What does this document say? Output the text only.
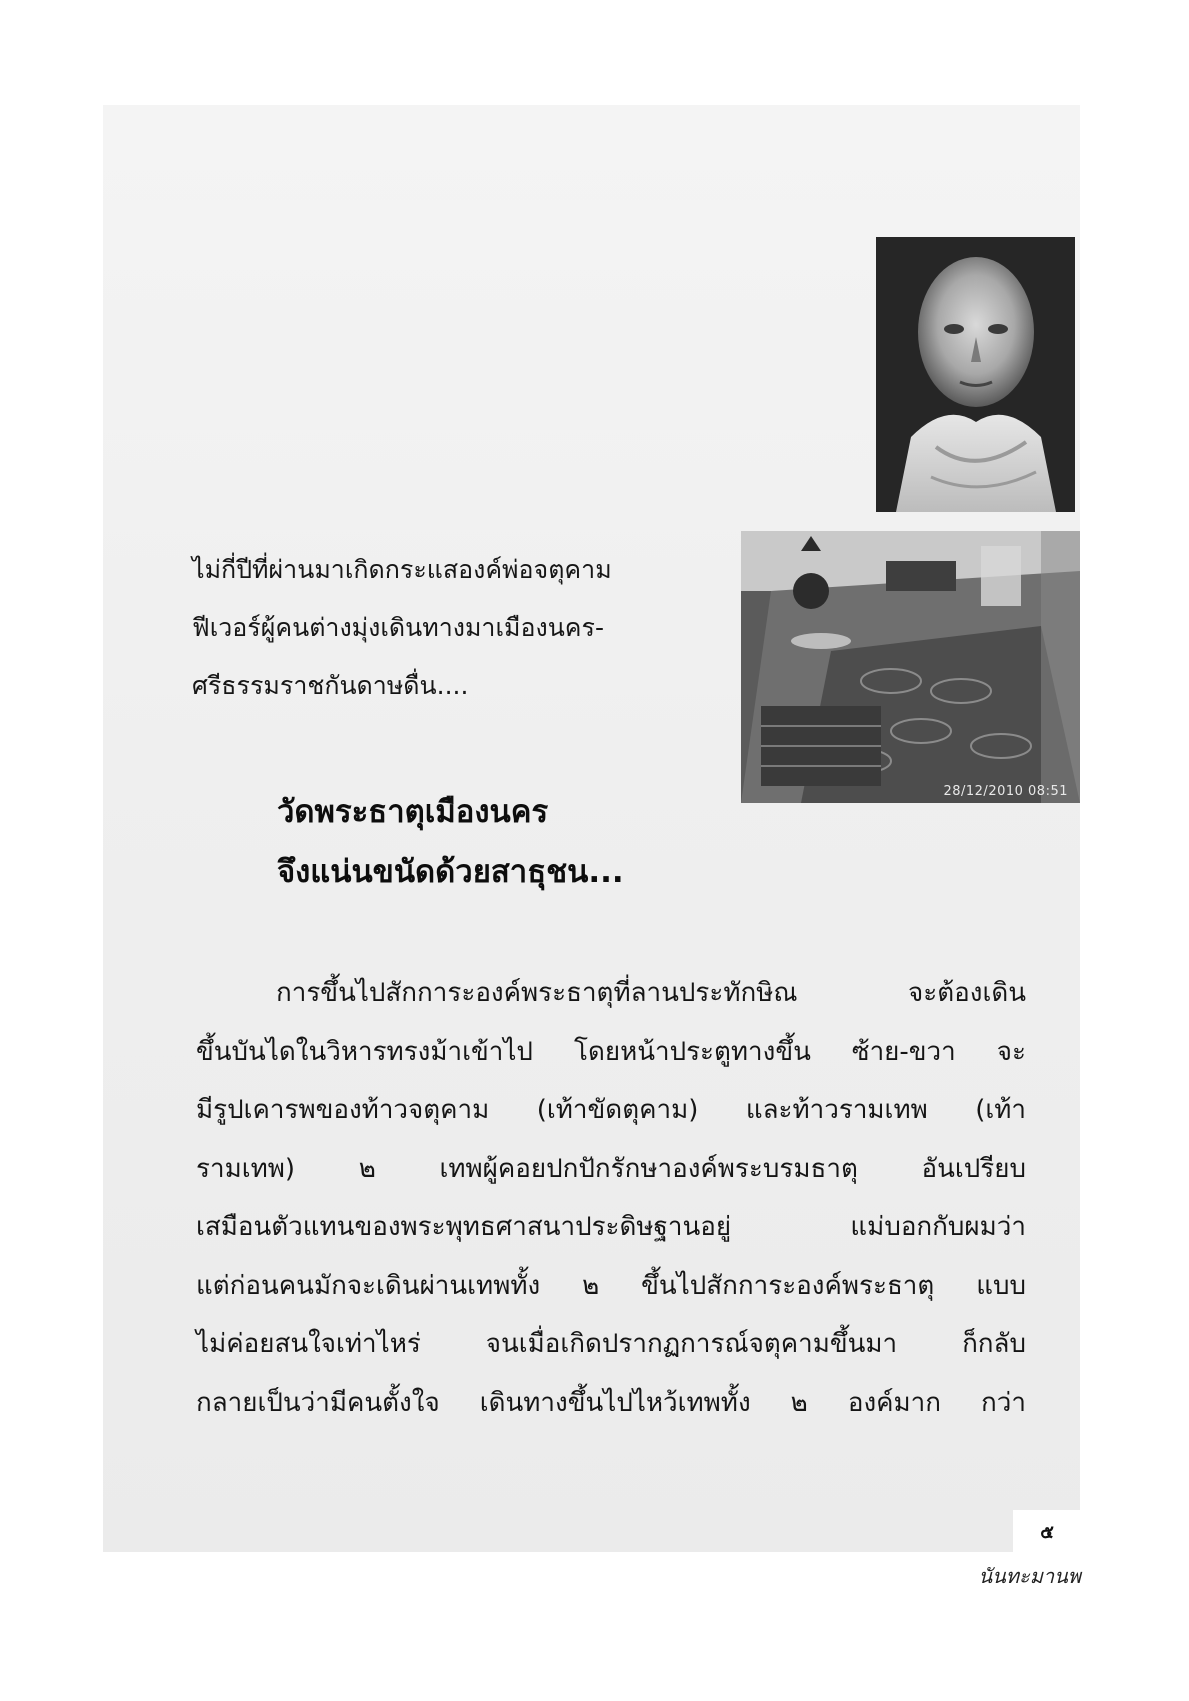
28/12/2010 08:51
ไม่กี่ปีที่ผ่านมาเกิดกระแสองค์พ่อจตุคาม
ฟีเวอร์ผู้คนต่างมุ่งเดินทางมาเมืองนคร-
ศรีธรรมราชกันดาษดื่น....
วัดพระธาตุเมืองนคร
จึงแน่นขนัดด้วยสาธุชน...
การขึ้นไปสักการะองค์พระธาตุที่ลานประทักษิณ จะต้องเดิน
ขึ้นบันไดในวิหารทรงม้าเข้าไป โดยหน้าประตูทางขึ้น ซ้าย-ขวา จะ
มีรูปเคารพของท้าวจตุคาม (เท้าขัดตุคาม) และท้าวรามเทพ (เท้า
รามเทพ) ๒ เทพผู้คอยปกปักรักษาองค์พระบรมธาตุ อันเปรียบ
เสมือนตัวแทนของพระพุทธศาสนาประดิษฐานอยู่ แม่บอกกับผมว่า
แต่ก่อนคนมักจะเดินผ่านเทพทั้ง ๒ ขึ้นไปสักการะองค์พระธาตุ แบบ
ไม่ค่อยสนใจเท่าไหร่ จนเมื่อเกิดปรากฏการณ์จตุคามขึ้นมา ก็กลับ
กลายเป็นว่ามีคนตั้งใจ เดินทางขึ้นไปไหว้เทพทั้ง ๒ องค์มาก กว่า
๕
นันทะมานพ
